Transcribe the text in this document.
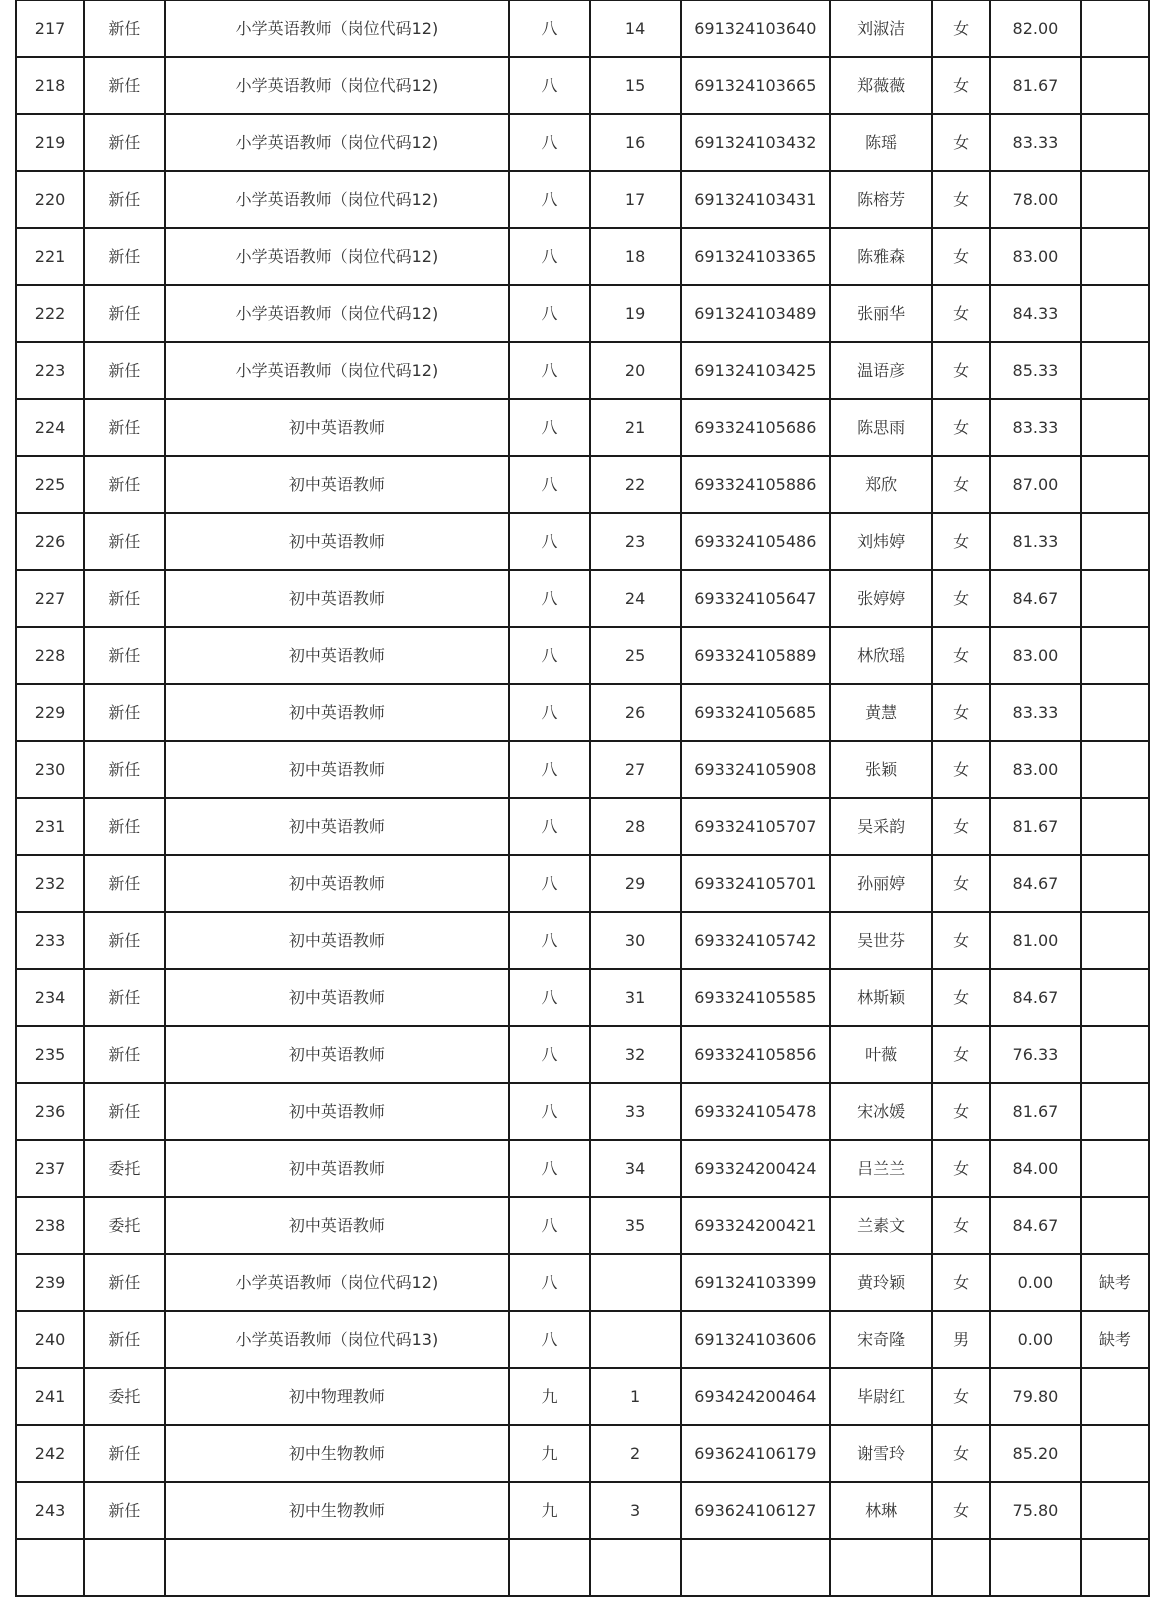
217	新任	小学英语教师（岗位代码12)	八	14	691324103640	刘淑洁	女	82.00	
218	新任	小学英语教师（岗位代码12)	八	15	691324103665	郑薇薇	女	81.67	
219	新任	小学英语教师（岗位代码12)	八	16	691324103432	陈瑶	女	83.33	
220	新任	小学英语教师（岗位代码12)	八	17	691324103431	陈榕芳	女	78.00	
221	新任	小学英语教师（岗位代码12)	八	18	691324103365	陈雅森	女	83.00	
222	新任	小学英语教师（岗位代码12)	八	19	691324103489	张丽华	女	84.33	
223	新任	小学英语教师（岗位代码12)	八	20	691324103425	温语彦	女	85.33	
224	新任	初中英语教师	八	21	693324105686	陈思雨	女	83.33	
225	新任	初中英语教师	八	22	693324105886	郑欣	女	87.00	
226	新任	初中英语教师	八	23	693324105486	刘炜婷	女	81.33	
227	新任	初中英语教师	八	24	693324105647	张婷婷	女	84.67	
228	新任	初中英语教师	八	25	693324105889	林欣瑶	女	83.00	
229	新任	初中英语教师	八	26	693324105685	黄慧	女	83.33	
230	新任	初中英语教师	八	27	693324105908	张颖	女	83.00	
231	新任	初中英语教师	八	28	693324105707	吴采韵	女	81.67	
232	新任	初中英语教师	八	29	693324105701	孙丽婷	女	84.67	
233	新任	初中英语教师	八	30	693324105742	吴世芬	女	81.00	
234	新任	初中英语教师	八	31	693324105585	林斯颖	女	84.67	
235	新任	初中英语教师	八	32	693324105856	叶薇	女	76.33	
236	新任	初中英语教师	八	33	693324105478	宋冰媛	女	81.67	
237	委托	初中英语教师	八	34	693324200424	吕兰兰	女	84.00	
238	委托	初中英语教师	八	35	693324200421	兰素文	女	84.67	
239	新任	小学英语教师（岗位代码12)	八		691324103399	黄玲颖	女	0.00	缺考
240	新任	小学英语教师（岗位代码13)	八		691324103606	宋奇隆	男	0.00	缺考
241	委托	初中物理教师	九	1	693424200464	毕尉红	女	79.80	
242	新任	初中生物教师	九	2	693624106179	谢雪玲	女	85.20	
243	新任	初中生物教师	九	3	693624106127	林琳	女	75.80	
